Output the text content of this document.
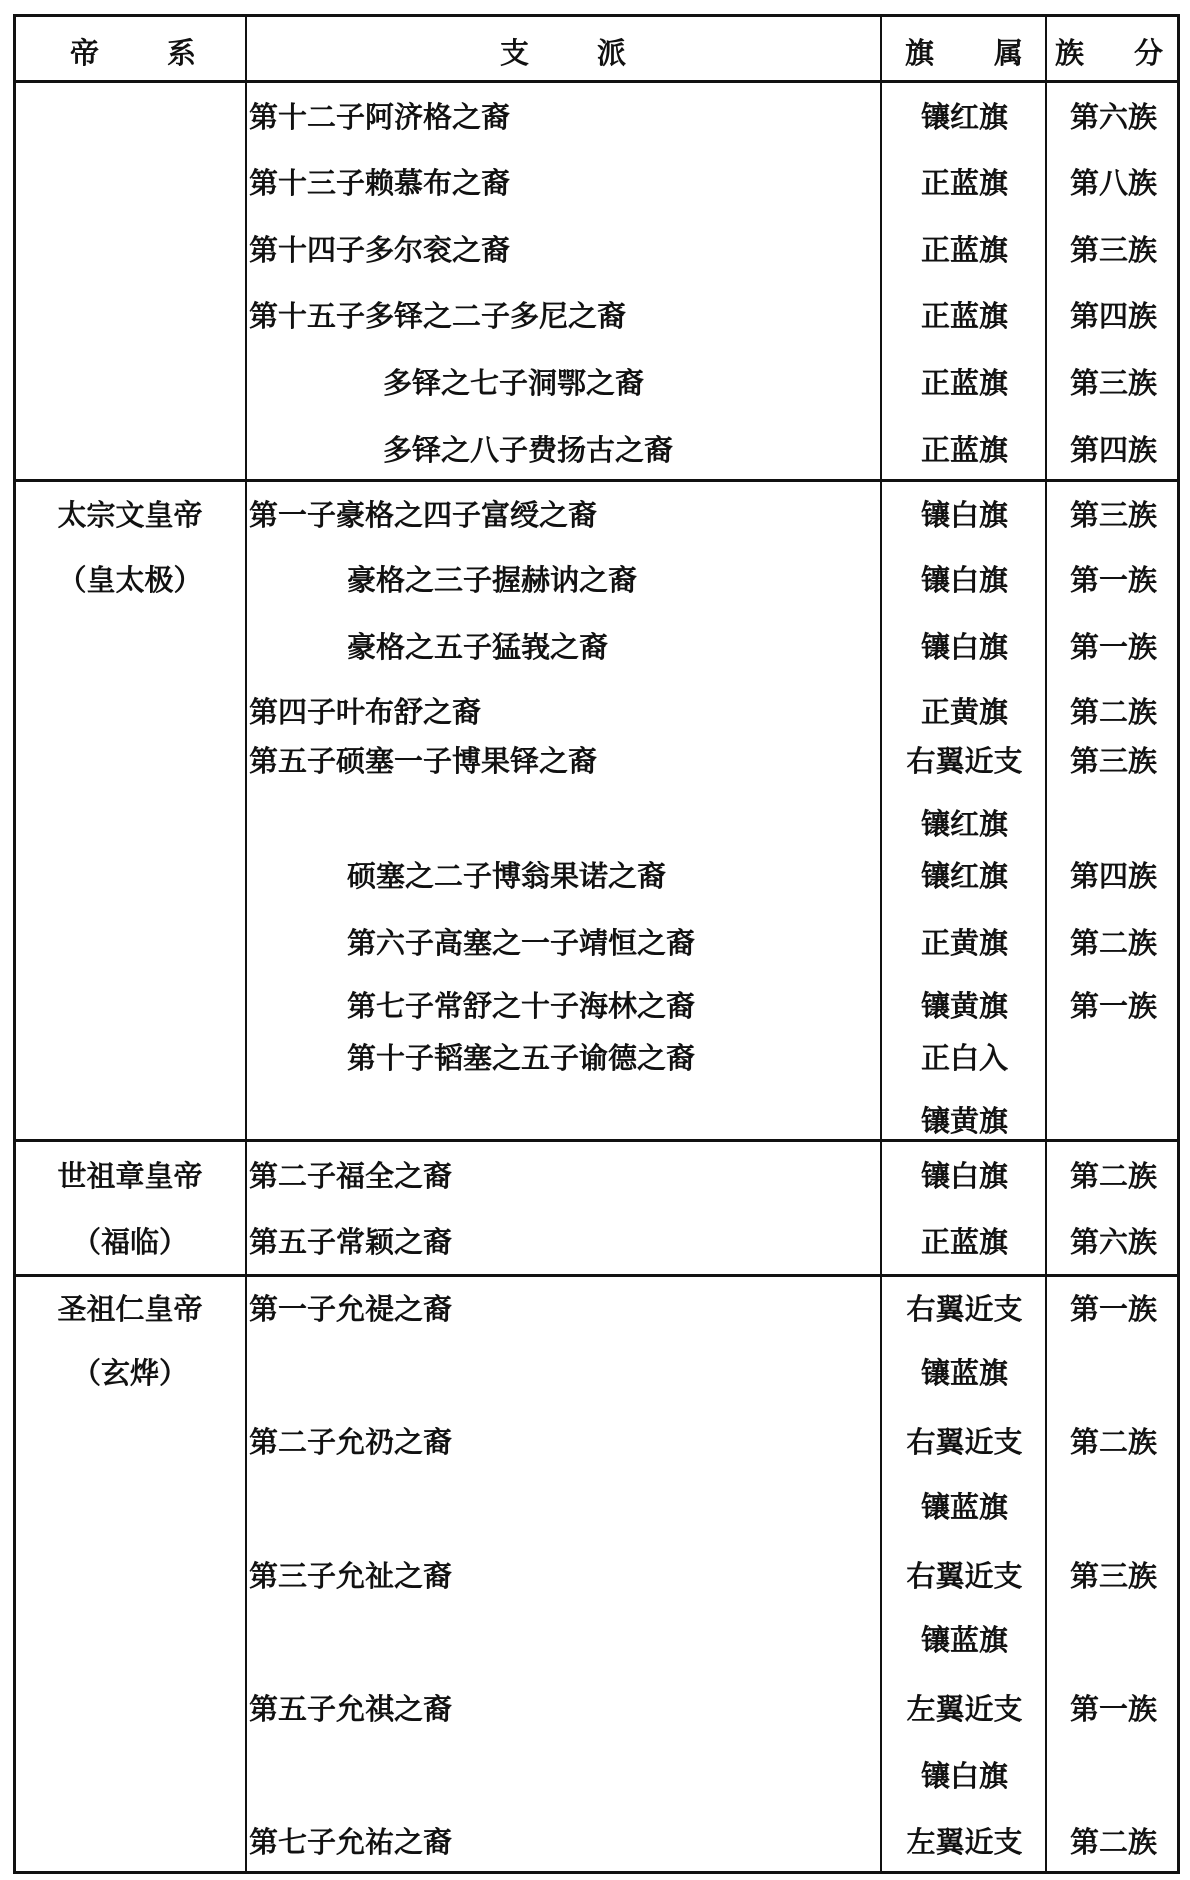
帝系	支派	旗属 族分
太宗文皇帝
（皇太极）
世祖章皇帝
（福临）
圣祖仁皇帝
（玄烨）
第十二子阿济格之裔
第十三子赖慕布之裔
第十四子多尔衮之裔
第十五子多铎之二子多尼之裔
多铎之七子洞鄂之裔
多铎之八子费扬古之裔
第一子豪格之四子富绶之裔
豪格之三子握赫讷之裔
豪格之五子猛峩之裔
第四子叶布舒之裔
第五子硕塞一子博果铎之裔
硕塞之二子博翁果诺之裔
第六子高塞之一子靖恒之裔
第七子常舒之十子海林之裔
第十子韬塞之五子谕德之裔
第二子福全之裔
第五子常颖之裔
第一子允禔之裔
第二子允礽之裔
第三子允祉之裔
第五子允祺之裔
第七子允祐之裔
镶红旗
正蓝旗
正蓝旗
正蓝旗
正蓝旗
正蓝旗
镶白旗
镶白旗
镶白旗
正黄旗
右翼近支
镶红旗
镶红旗
正黄旗
镶黄旗
正白入
镶黄旗
镶白旗
正蓝旗
右翼近支
镶蓝旗
右翼近支
镶蓝旗
右翼近支
镶蓝旗
左翼近支
镶白旗
左翼近支
第六族
第八族
第三族
第四族
第三族
第四族
第三族
第一族
第一族
第二族
第三族
第四族
第二族
第一族
第二族
第六族
第一族
第二族
第三族
第一族
第二族
